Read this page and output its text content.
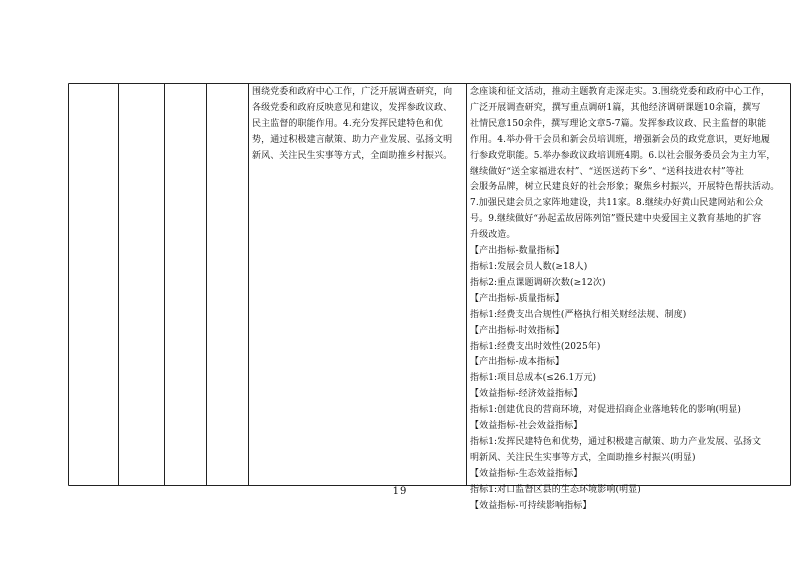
围绕党委和政府中心工作，广泛开展调查研究，向

各级党委和政府反映意见和建议，发挥参政议政、

民主监督的职能作用。4.充分发挥民建特色和优

势，通过积极建言献策、助力产业发展、弘扬文明

新风、关注民生实事等方式，全面助推乡村振兴。

念座谈和征文活动，推动主题教育走深走实。3.围绕党委和政府中心工作，

广泛开展调查研究，撰写重点调研1篇，其他经济调研课题10余篇，撰写

社情民意150余件，撰写理论文章5-7篇。发挥参政议政、民主监督的职能

作用。4.举办骨干会员和新会员培训班，增强新会员的政党意识，更好地履

行参政党职能。5.举办参政议政培训班4期。6.以社会服务委员会为主力军，

继续做好“送全家福进农村”、“送医送药下乡”、“送科技进农村”等社

会服务品牌，树立民建良好的社会形象；聚焦乡村振兴，开展特色帮扶活动。

7.加强民建会员之家阵地建设，共11家。8.继续办好黄山民建网站和公众

号。9.继续做好“孙起孟故居陈列馆”暨民建中央爱国主义教育基地的扩容

升级改造。

【产出指标-数量指标】

指标1:发展会员人数(≥18人)

指标2:重点课题调研次数(≥12次)

【产出指标-质量指标】

指标1:经费支出合规性(严格执行相关财经法规、制度)

【产出指标-时效指标】

指标1:经费支出时效性(2025年)

【产出指标-成本指标】

指标1:项目总成本(≤26.1万元)

【效益指标-经济效益指标】

指标1:创建优良的营商环境，对促进招商企业落地转化的影响(明显)

【效益指标-社会效益指标】

指标1:发挥民建特色和优势，通过积极建言献策、助力产业发展、弘扬文

明新风、关注民生实事等方式，全面助推乡村振兴(明显)

【效益指标-生态效益指标】

指标1:对口监督区县的生态环境影响(明显)

【效益指标-可持续影响指标】

19
